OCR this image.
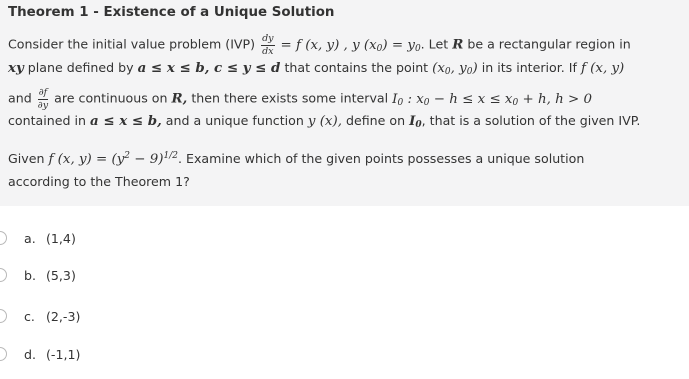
Theorem 1 - Existence of a Unique Solution
Consider the initial value problem $(IVP) \frac{dy}{dx} = f$ (x, y) , y $(x_0) = y_0$. Let R be a rectangular region in
xy plane defined by a ≤ x ≤ b, c ≤ y ≤ d that contains the point ($x_0$, $y_0$) in its interior. If f (x, y)
and $\frac{\partial f}{\partial y}$ are continuous on R, then there exists some interval $I_0$ : $x_0 - h \le x \le x_0 + h$, h > 0
contained in a ≤ x ≤ b, and a unique function y (x), define on $I_0$, that is a solution of the given IVP.
Given f (x, $y) = (y^2 - 9)^{1/2}$. Examine which of the given points possesses a unique solution
according to the Theorem 1?
a. (1,4)
b. (5,3)
c. (2,-3)
d. (-1,1)
